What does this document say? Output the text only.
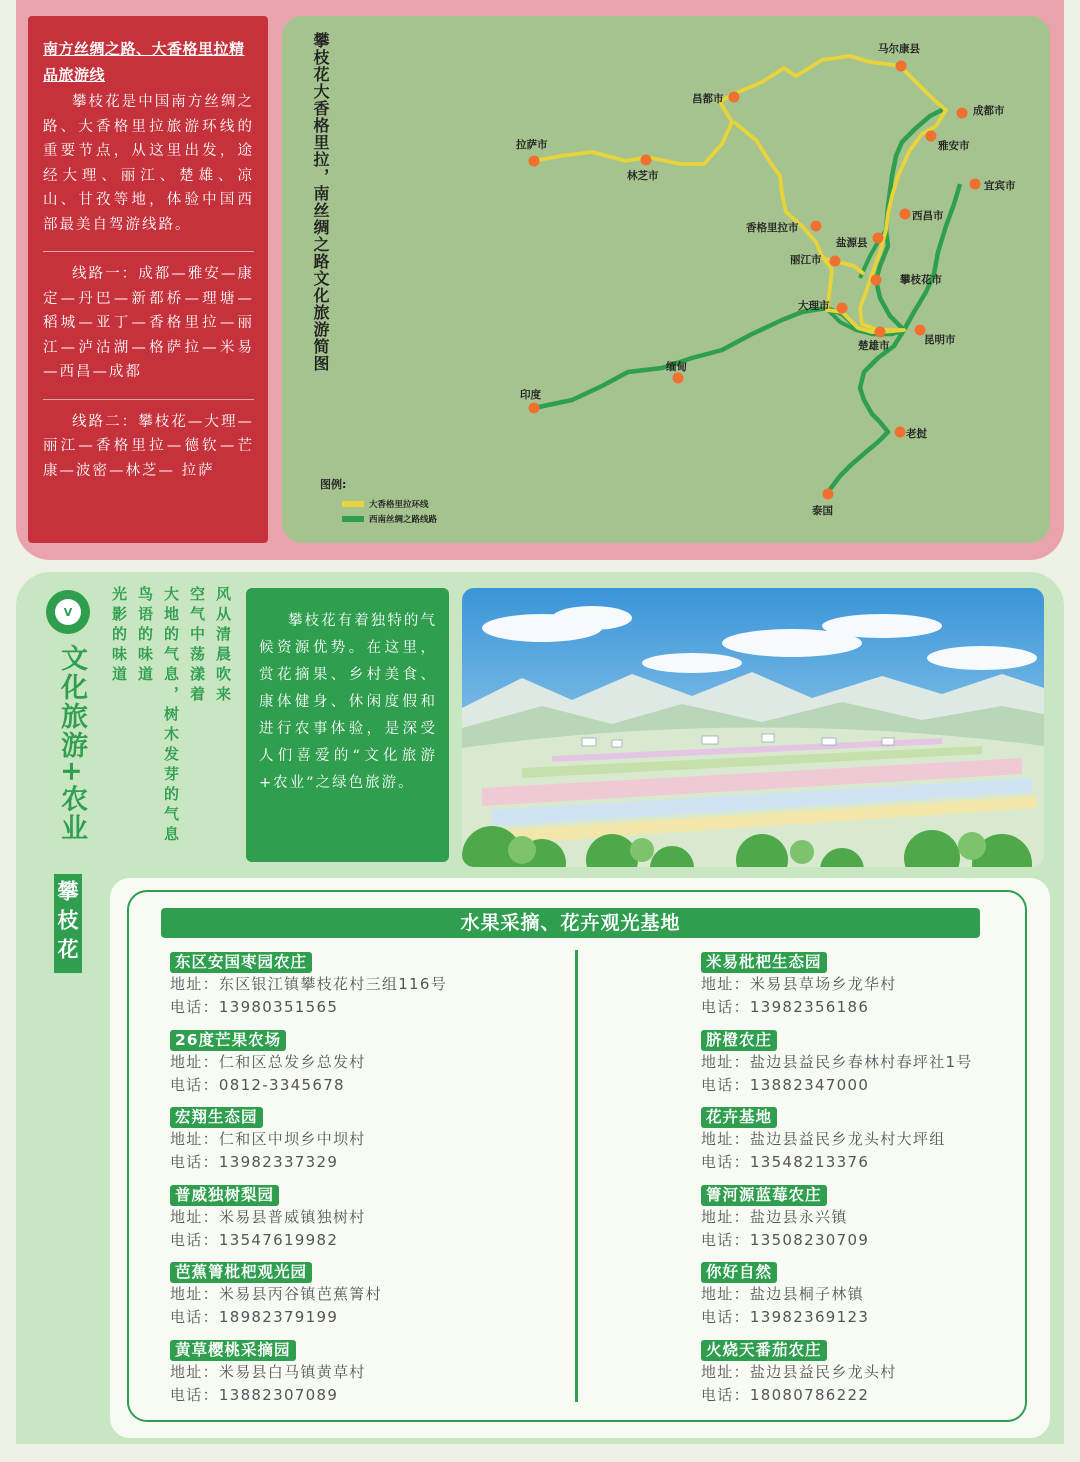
南方丝绸之路、大香格里拉精品旅游线
攀枝花是中国南方丝绸之路、大香格里拉旅游环线的重要节点，从这里出发，途经大理、丽江、楚雄、凉山、甘孜等地，体验中国西部最美自驾游线路。
线路一：成都—雅安—康定—丹巴—新都桥—理塘—稻城—亚丁—香格里拉—丽江—泸沽湖—格萨拉—米易—西昌—成都
线路二：攀枝花—大理—丽江—香格里拉—德钦—芒康—波密—林芝— 拉萨
攀枝花大香格里拉，南丝绸之路文化旅游简图	马尔康县
昌都市
成都市
拉萨市
林芝市
雅安市
宜宾市
西昌市
香格里拉市
盐源县
丽江市
攀枝花市
大理市
楚雄市	昆明市
缅甸
印度
老挝
泰国
图例:
大香格里拉环线
西南丝绸之路线路
V
文化旅游+农业
攀枝花
风从清晨吹来
空气中荡漾着
大地的气息，树木发芽的气息
鸟语的味道
光影的味道	攀枝花有着独特的气候资源优势。在这里，赏花摘果、乡村美食、康体健身、休闲度假和进行农事体验，是深受人们喜爱的“文化旅游+农业”之绿色旅游。
水果采摘、花卉观光基地
东区安国枣园农庄
地址：东区银江镇攀枝花村三组116号
电话：13980351565
26度芒果农场
地址：仁和区总发乡总发村
电话：0812-3345678
宏翔生态园
地址：仁和区中坝乡中坝村
电话：13982337329
普威独树梨园
地址：米易县普威镇独树村
电话：13547619982
芭蕉箐枇杷观光园
地址：米易县丙谷镇芭蕉箐村
电话：18982379199
黄草樱桃采摘园
地址：米易县白马镇黄草村
电话：13882307089
米易枇杷生态园
地址：米易县草场乡龙华村
电话：13982356186
脐橙农庄
地址：盐边县益民乡春林村春坪社1号
电话：13882347000
花卉基地
地址：盐边县益民乡龙头村大坪组
电话：13548213376
箐河源蓝莓农庄
地址：盐边县永兴镇
电话：13508230709
你好自然
地址：盐边县桐子林镇
电话：13982369123
火烧天番茄农庄
地址：盐边县益民乡龙头村
电话：18080786222
